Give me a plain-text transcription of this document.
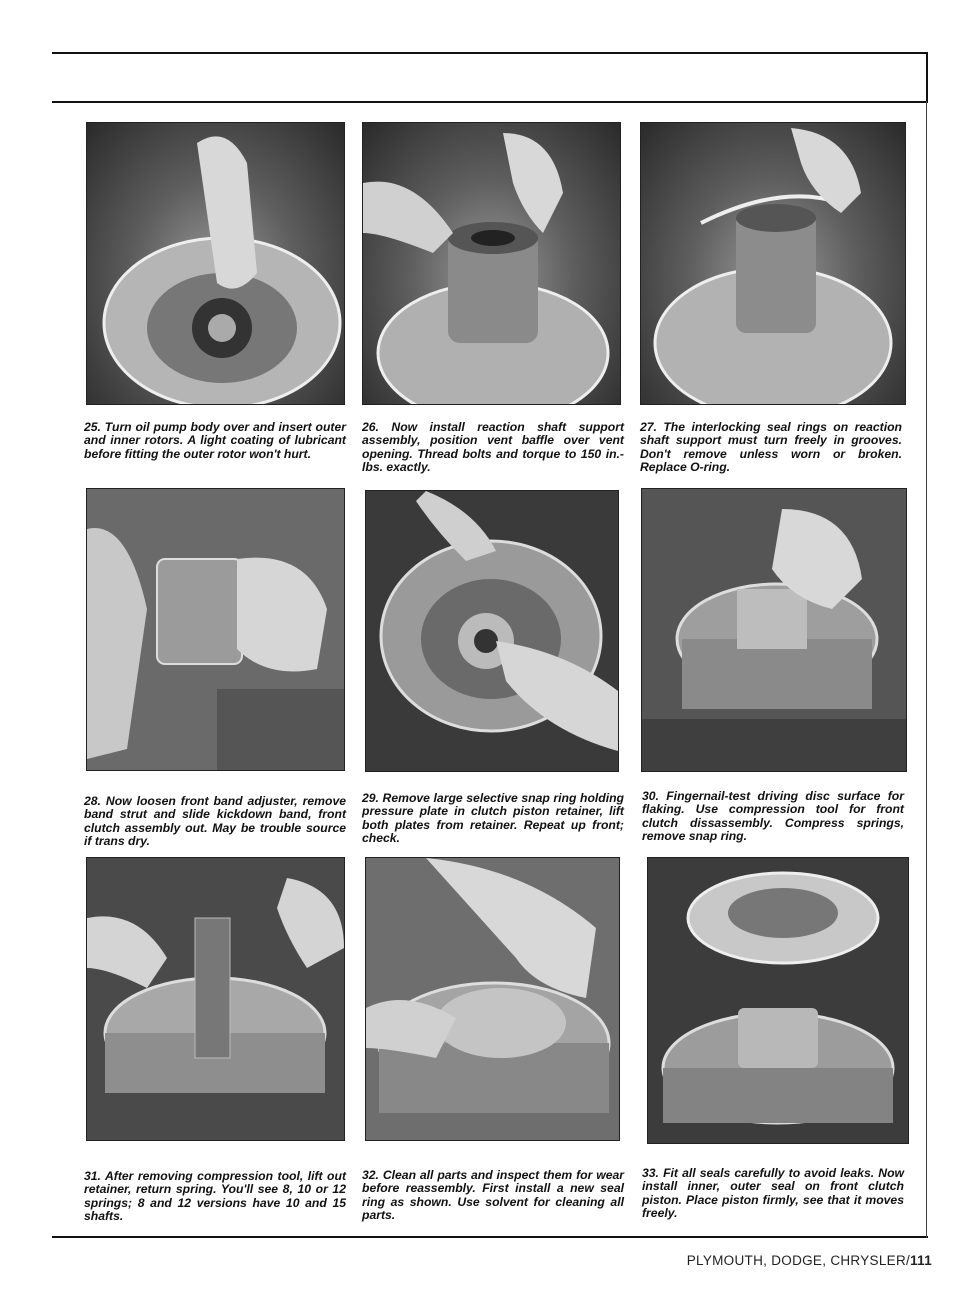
25. Turn oil pump body over and insert outer and inner rotors. A light coating of lubricant before fitting the outer rotor won't hurt.
26. Now install reaction shaft support assembly, position vent baffle over vent opening. Thread bolts and torque to 150 in.-lbs. exactly.
27. The interlocking seal rings on reaction shaft support must turn freely in grooves. Don't remove unless worn or broken. Replace O-ring.
28. Now loosen front band adjuster, remove band strut and slide kickdown band, front clutch assembly out. May be trouble source if trans dry.
29. Remove large selective snap ring holding pressure plate in clutch piston retainer, lift both plates from retainer. Repeat up front; check.
30. Fingernail-test driving disc surface for flaking. Use compression tool for front clutch dissassembly. Compress springs, remove snap ring.
31. After removing compression tool, lift out retainer, return spring. You'll see 8, 10 or 12 springs; 8 and 12 versions have 10 and 15 shafts.
32. Clean all parts and inspect them for wear before reassembly. First install a new seal ring as shown. Use solvent for cleaning all parts.
33. Fit all seals carefully to avoid leaks. Now install inner, outer seal on front clutch piston. Place piston firmly, see that it moves freely.
PLYMOUTH, DODGE, CHRYSLER/111
